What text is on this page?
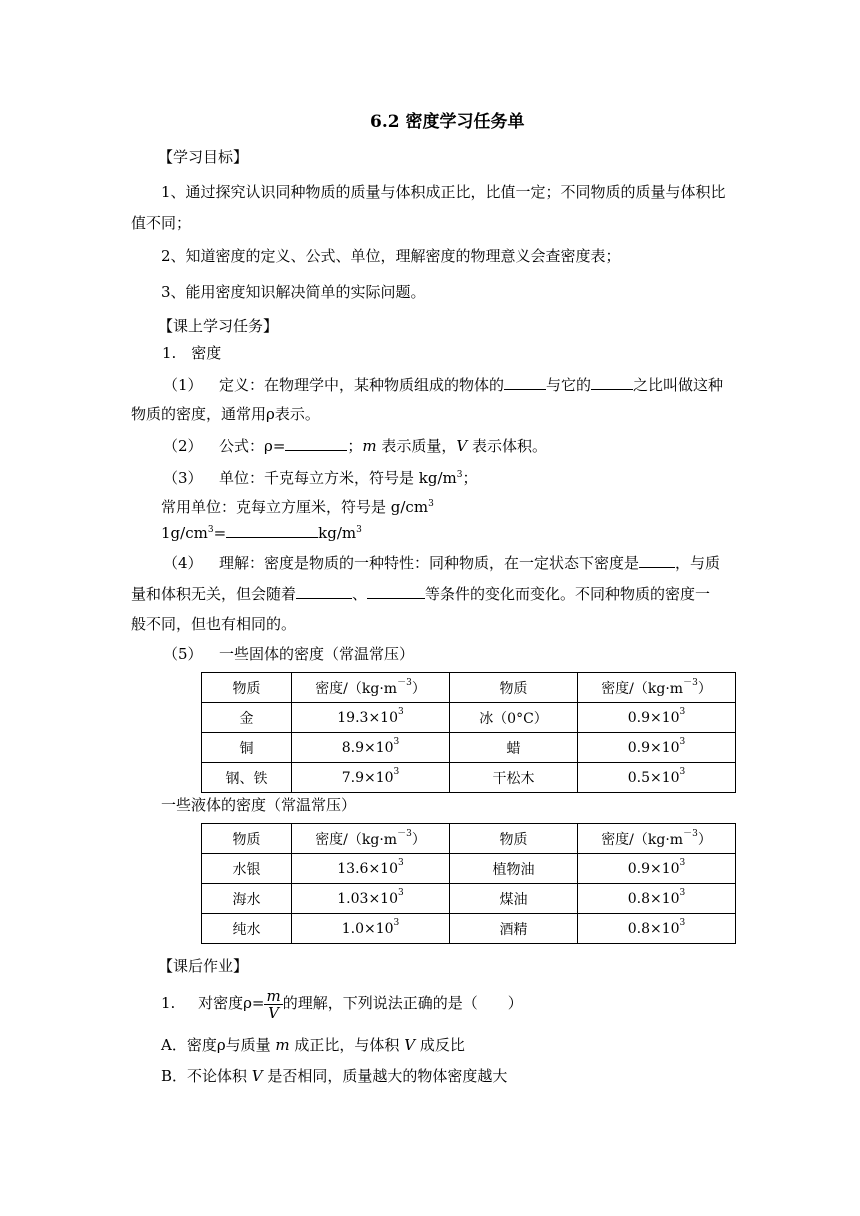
6.2 密度学习任务单
【学习目标】
1、通过探究认识同种物质的质量与体积成正比，比值一定；不同物质的质量与体积比
值不同；
2、知道密度的定义、公式、单位，理解密度的物理意义会查密度表；
3、能用密度知识解决简单的实际问题。
【课上学习任务】
1.　密度
（1） 定义：在物理学中，某种物质组成的物体的	与它的	之比叫做这种
物质的密度，通常用ρ表示。
（2） 公式：ρ=	；m 表示质量，V 表示体积。
（3） 单位：千克每立方米，符号是 $kg/m^3$；
常用单位：克每立方厘米，符号是 $g/cm^3$
$1g/cm^3=$	$kg/m^3$
（4） 理解：密度是物质的一种特性：同种物质，在一定状态下密度是 ，与质
量和体积无关，但会随着	、	等条件的变化而变化。不同种物质的密度一
般不同，但也有相同的。
（5） 一些固体的密度（常温常压）
物质	密度$/(kg\cdot m^{-3})$	物质	密度$/(kg\cdot m^{-3})$
金	$19.3\times 10^3$	冰（0°C）	$0.9\times 10^3$
铜	$8.9\times 10^3$	蜡	$0.9\times 10^3$
钢、铁	$7.9\times 10^3$	干松木	$0.5\times 10^3$
一些液体的密度（常温常压）
物质	密度$/(kg\cdot m^{-3})$	物质	密度$/(kg\cdot m^{-3})$
水银	$13.6\times 10^3$	植物油	$0.9\times 10^3$
海水	$1.03\times 10^3$	煤油	$0.8\times 10^3$
纯水	$1.0\times 10^3$	酒精	$0.8\times 10^3$
【课后作业】
1. 对密度$\rho= \frac{m}{V}$ 的理解，下列说法正确的是（　　）
A．密度ρ与质量 m 成正比，与体积 V 成反比
B．不论体积 V 是否相同，质量越大的物体密度越大
